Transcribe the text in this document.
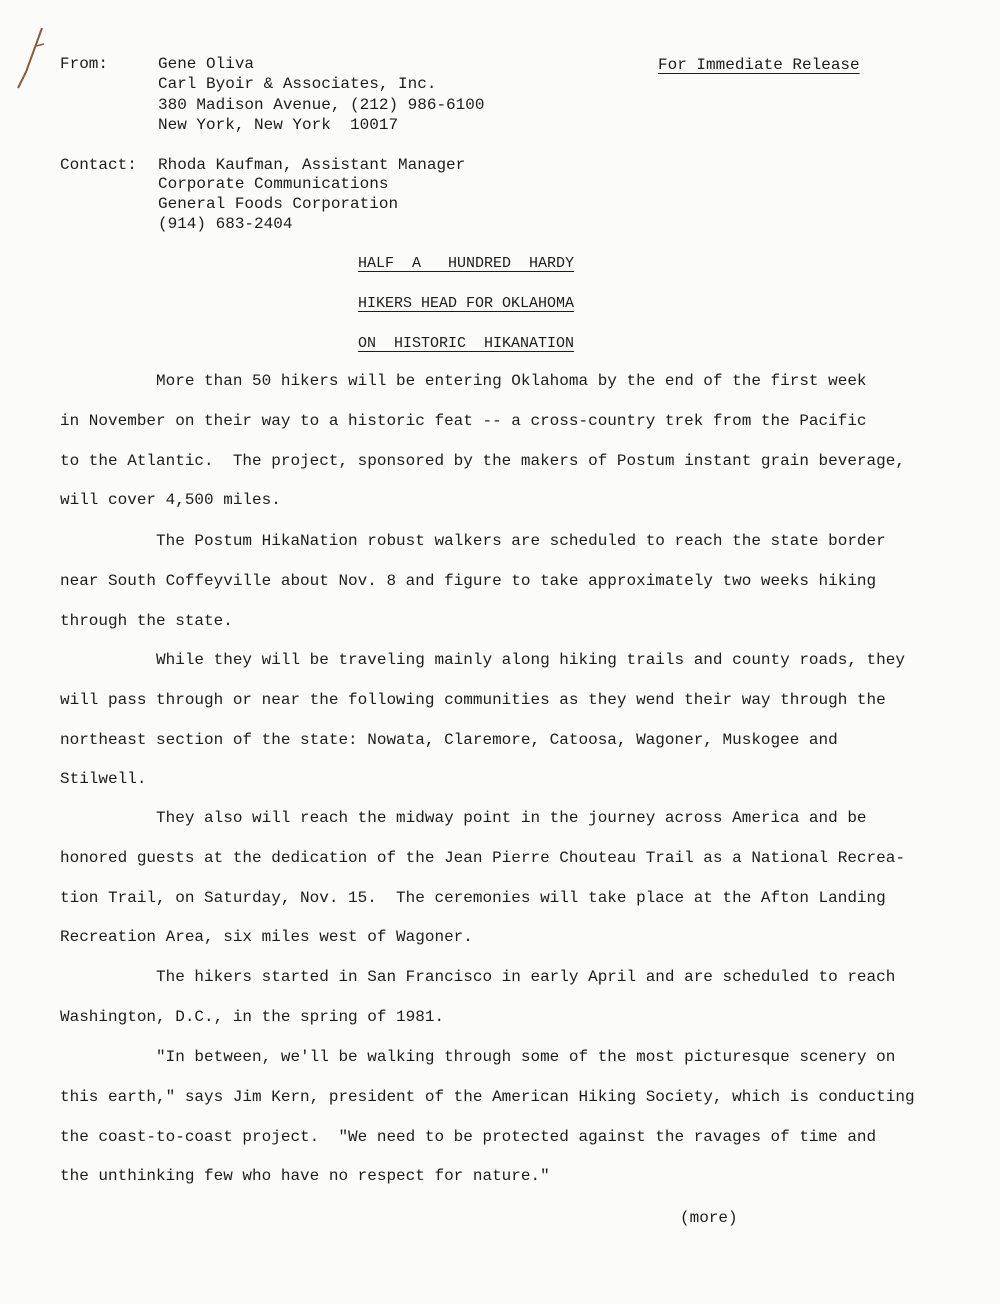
From:	Gene Oliva
Carl Byoir & Associates, Inc.
380 Madison Avenue, (212) 986-6100
New York, New York  10017
For Immediate Release
Contact: Rhoda Kaufman, Assistant Manager
Corporate Communications
General Foods Corporation
(914) 683-2404
HALF  A   HUNDRED  HARDY
HIKERS HEAD FOR OKLAHOMA
ON  HISTORIC  HIKANATION
More than 50 hikers will be entering Oklahoma by the end of the first week
in November on their way to a historic feat -- a cross-country trek from the Pacific
to the Atlantic.  The project, sponsored by the makers of Postum instant grain beverage,
will cover 4,500 miles.
The Postum HikaNation robust walkers are scheduled to reach the state border
near South Coffeyville about Nov. 8 and figure to take approximately two weeks hiking
through the state.
While they will be traveling mainly along hiking trails and county roads, they
will pass through or near the following communities as they wend their way through the
northeast section of the state: Nowata, Claremore, Catoosa, Wagoner, Muskogee and
Stilwell.
They also will reach the midway point in the journey across America and be
honored guests at the dedication of the Jean Pierre Chouteau Trail as a National Recrea-
tion Trail, on Saturday, Nov. 15.  The ceremonies will take place at the Afton Landing
Recreation Area, six miles west of Wagoner.
The hikers started in San Francisco in early April and are scheduled to reach
Washington, D.C., in the spring of 1981.
"In between, we'll be walking through some of the most picturesque scenery on
this earth," says Jim Kern, president of the American Hiking Society, which is conducting
the coast-to-coast project.  "We need to be protected against the ravages of time and
the unthinking few who have no respect for nature."
(more)
